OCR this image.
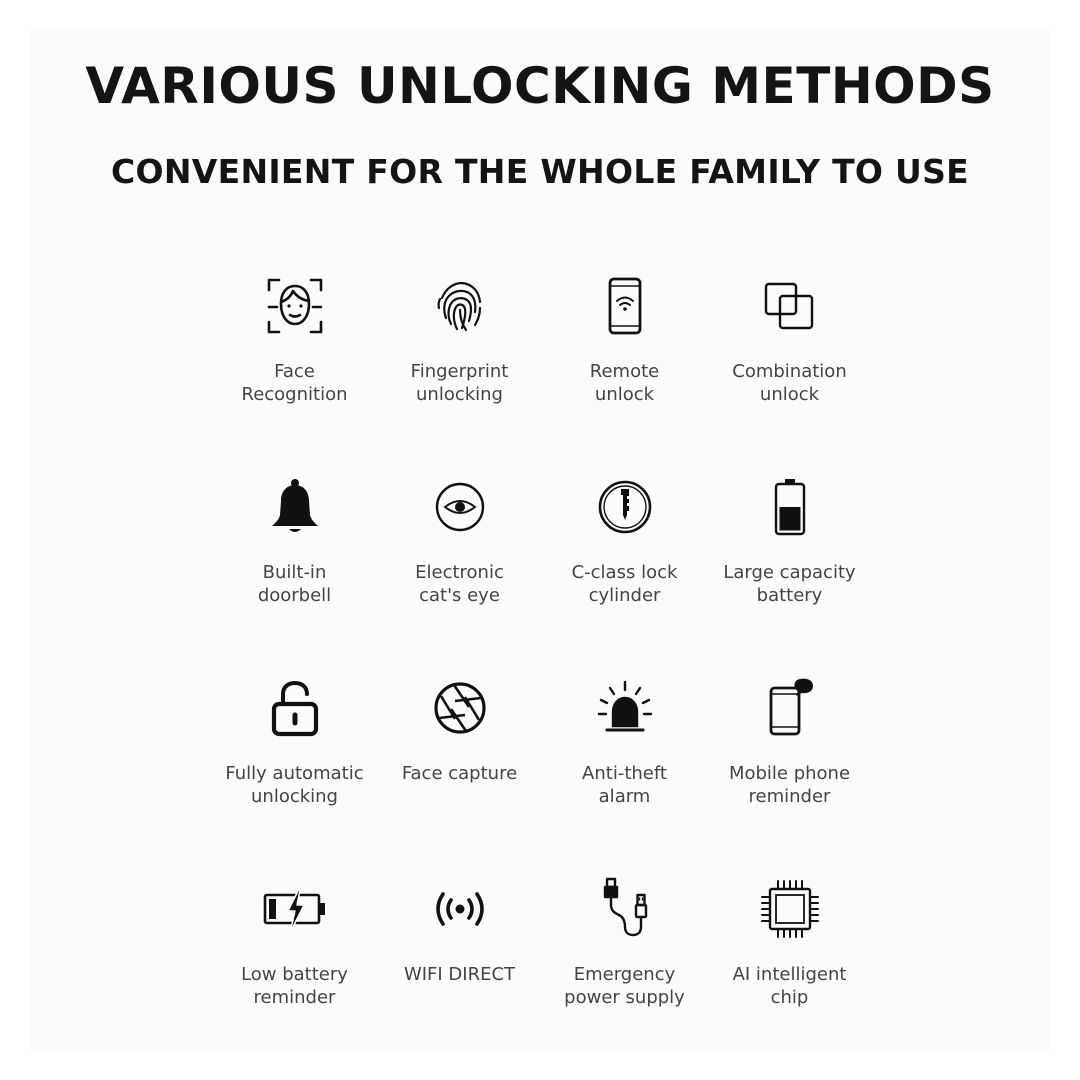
VARIOUS UNLOCKING METHODS
CONVENIENT FOR THE WHOLE FAMILY TO USE
Face
Recognition
Fingerprint
unlocking
Remote
unlock
Combination
unlock
Built-in
doorbell
Electronic
cat's eye
C-class lock
cylinder
Large capacity
battery
Fully automatic
unlocking
Face capture	Anti-theft
alarm
Mobile phone
reminder
Low battery
reminder
WIFI DIRECT	Emergency
power supply
AI intelligent
chip
